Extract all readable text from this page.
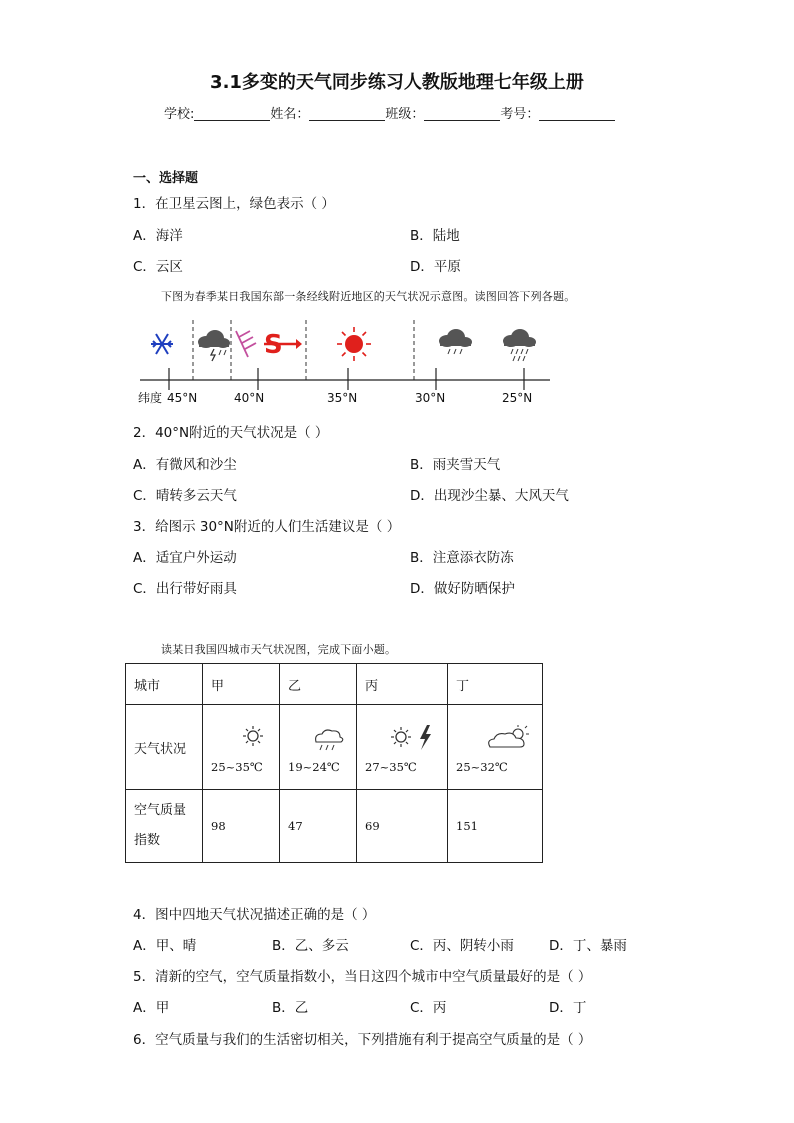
3.1多变的天气同步练习人教版地理七年级上册
学校:	姓名：	班级：	考号：
一、选择题
1．在卫星云图上，绿色表示（ ）
A．海洋	B．陆地
C．云区	D．平原
下图为春季某日我国东部一条经线附近地区的天气状况示意图。读图回答下列各题。
S
纬度 45°N	40°N	35°N	30°N	25°N
2．40°N附近的天气状况是（ ）
A．有微风和沙尘	B．雨夹雪天气
C．晴转多云天气	D．出现沙尘暴、大风天气
3．给图示 30°N附近的人们生活建议是（ ）
A．适宜户外运动	B．注意添衣防冻
C．出行带好雨具	D．做好防晒保护
读某日我国四城市天气状况图，完成下面小题。
城市	甲	乙	丙	丁
天气状况	25~35℃	19~24℃	27~35℃	25~32℃

空气质量
指数	98	47	69	151
4．图中四地天气状况描述正确的是（ ）
A．甲、晴	B．乙、多云	C．丙、阴转小雨	D．丁、暴雨
5．清新的空气，空气质量指数小，当日这四个城市中空气质量最好的是（ ）
A．甲	B．乙	C．丙	D．丁
6．空气质量与我们的生活密切相关，下列措施有利于提高空气质量的是（ ）
